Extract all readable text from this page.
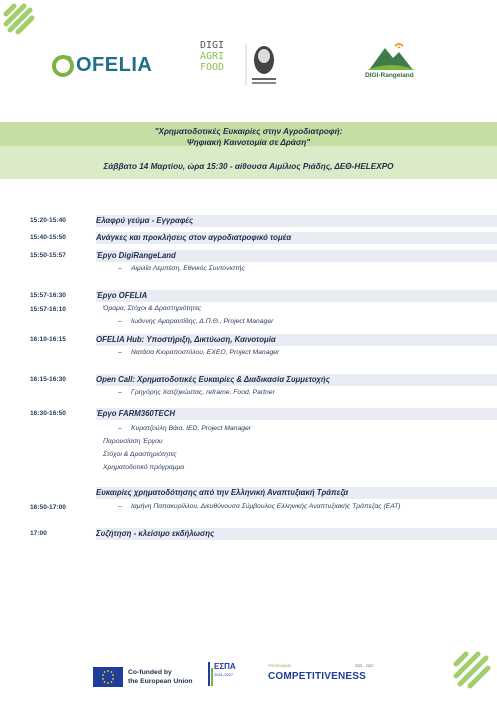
OFELIA
DIGI
AGRI
FOOD
DIGI-Rangeland
"Χρηματοδοτικές Ευκαιρίες στην Αγροδιατροφή:
Ψηφιακή Καινοτομία σε Δράση"
Σάββατο 14 Μαρτίου, ώρα 15:30 - αίθουσα Αιμίλιος Ριάδης, ΔΕΘ-HELEXPO
15:20-15:40	Ελαφρύ γεύμα - Εγγραφές
15:40-15:50	Ανάγκες και προκλήσεις στον αγροδιατροφικό τομέα
15:50-15:57	Έργο DigiRangeLand
– Αιμιλία Λεμπέση, Εθνικός Συντονιστής
15:57-16:30	Έργο OFELIA
15:57-16:10	Όραμα, Στόχοι & Δραστηριότητες
– Ιωάννης Αμαραντίδης, Δ.Π.Θ., Project Manager
16:10-16:15	OFELIA Hub: Υποστήριξη, Δικτύωση, Καινοτομία
– Νατάσα Κιοραποστόλου, ΕΧΕΟ, Project Manager
16:15-16:30	Open Call: Χρηματοδοτικές Ευκαιρίες & Διαδικασία Συμμετοχής
– Γρηγόρης Χατζηκώστας, reframe. Food, Partner
16:30-16:50	Έργο FARM360TECH
– Κυρατζούλη Βάια, IED, Project Manager
Παρουσίαση Έργου
Στόχοι & Δραστηριότητες
Χρηματοδοτικό πρόγραμμα
Ευκαιρίες χρηματοδότησης από την Ελληνική Αναπτυξιακή Τράπεζα
16:50-17:00	– Ιαμήνη Παπακυρίλλου, Διευθύνουσα Σύμβουλος Ελληνικής Αναπτυξιακής Τράπεζας (ΕΑΤ)
17:00	Συζήτηση - κλείσιμο εκδήλωσης
Co-funded by
the European Union
ΕΣΠΑ
2021-2027
PROGRAMME	2021 - 2027
COMPETITIVENESS
